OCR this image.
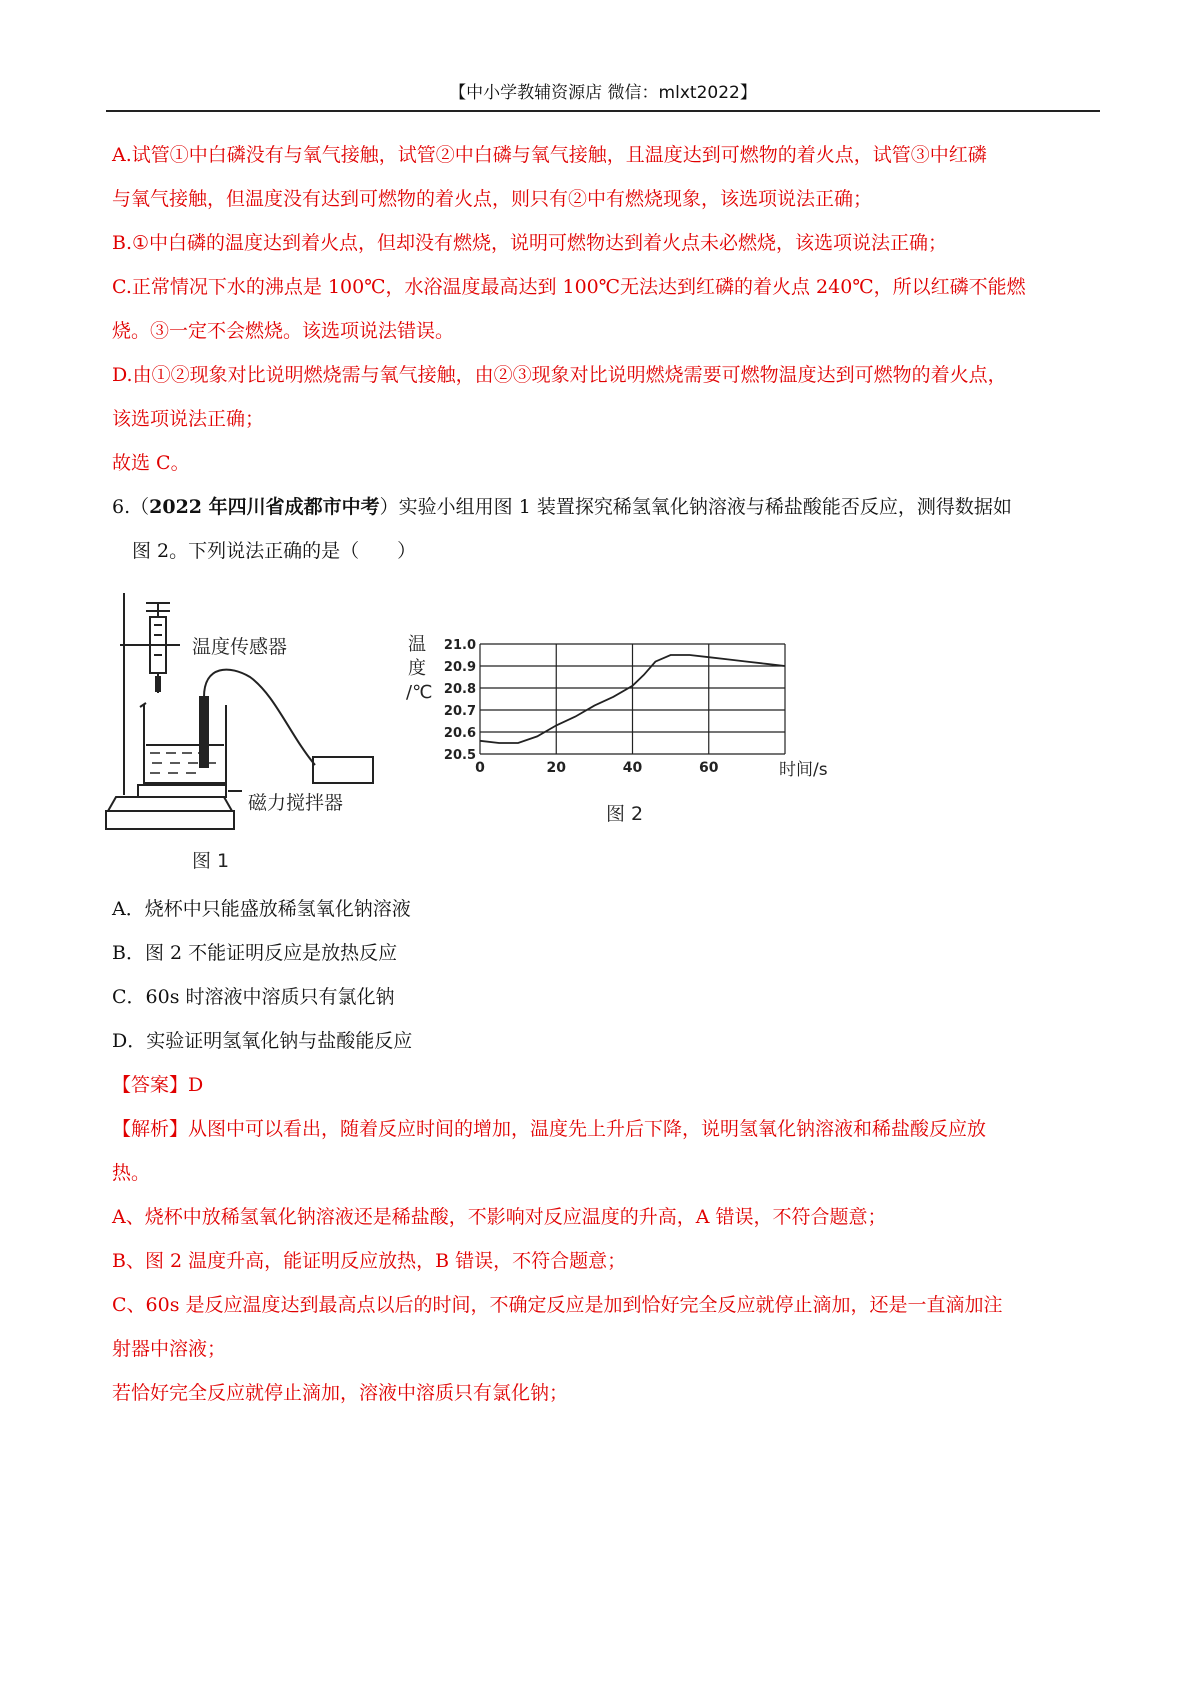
【中小学教辅资源店 微信：mlxt2022】
A.试管①中白磷没有与氧气接触，试管②中白磷与氧气接触，且温度达到可燃物的着火点，试管③中红磷
与氧气接触，但温度没有达到可燃物的着火点，则只有②中有燃烧现象，该选项说法正确；
B.①中白磷的温度达到着火点，但却没有燃烧，说明可燃物达到着火点未必燃烧，该选项说法正确；
C.正常情况下水的沸点是 100℃，水浴温度最高达到 100℃无法达到红磷的着火点 240℃，所以红磷不能燃
烧。③一定不会燃烧。该选项说法错误。
D.由①②现象对比说明燃烧需与氧气接触，由②③现象对比说明燃烧需要可燃物温度达到可燃物的着火点，
该选项说法正确；
故选 C。
6.（2022 年四川省成都市中考）实验小组用图 1 装置探究稀氢氧化钠溶液与稀盐酸能否反应，测得数据如
图 2。下列说法正确的是（　　）
温度传感器
磁力搅拌器
图 1
21.0
20.9
20.8
20.7
20.6
20.5
0	20	40	60	时间/s
温
度
/℃
图 2
A．烧杯中只能盛放稀氢氧化钠溶液
B．图 2 不能证明反应是放热反应
C．60s 时溶液中溶质只有氯化钠
D．实验证明氢氧化钠与盐酸能反应
【答案】D
【解析】从图中可以看出，随着反应时间的增加，温度先上升后下降，说明氢氧化钠溶液和稀盐酸反应放
热。
A、烧杯中放稀氢氧化钠溶液还是稀盐酸，不影响对反应温度的升高，A 错误，不符合题意；
B、图 2 温度升高，能证明反应放热，B 错误，不符合题意；
C、60s 是反应温度达到最高点以后的时间，不确定反应是加到恰好完全反应就停止滴加，还是一直滴加注
射器中溶液；
若恰好完全反应就停止滴加，溶液中溶质只有氯化钠；
